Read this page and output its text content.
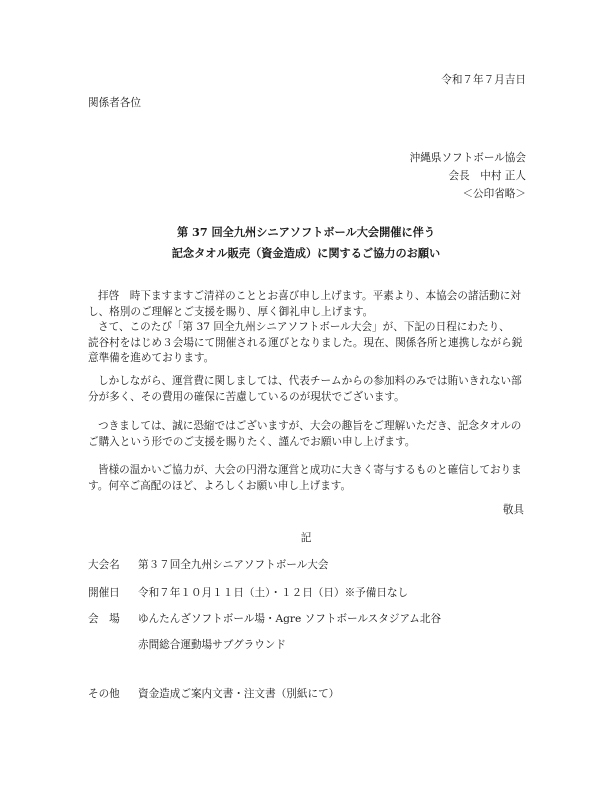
令和７年７月吉日
関係者各位
沖縄県ソフトボール協会
会長　中村 正人
＜公印省略＞
第 37 回全九州シニアソフトボール大会開催に伴う
記念タオル販売（資金造成）に関するご協力のお願い
拝啓　時下ますますご清祥のこととお喜び申し上げます。平素より、本協会の諸活動に対
し、格別のご理解とご支援を賜り、厚く御礼申し上げます。
さて、このたび「第 37 回全九州シニアソフトボール大会」が、下記の日程にわたり、
読谷村をはじめ３会場にて開催される運びとなりました。現在、関係各所と連携しながら鋭
意準備を進めております。
しかしながら、運営費に関しましては、代表チームからの参加料のみでは賄いきれない部
分が多く、その費用の確保に苦慮しているのが現状でございます。
つきましては、誠に恐縮ではございますが、大会の趣旨をご理解いただき、記念タオルの
ご購入という形でのご支援を賜りたく、謹んでお願い申し上げます。
皆様の温かいご協力が、大会の円滑な運営と成功に大きく寄与するものと確信しておりま
す。何卒ご高配のほど、よろしくお願い申し上げます。
敬具
記
大会名 第３７回全九州シニアソフトボール大会
開催日 令和７年１０月１１日（土）・１２日（日）※予備日なし
会　場 ゆんたんざソフトボール場・Agre ソフトボールスタジアム北谷
赤間総合運動場サブグラウンド
その他 資金造成ご案内文書・注文書（別紙にて）
